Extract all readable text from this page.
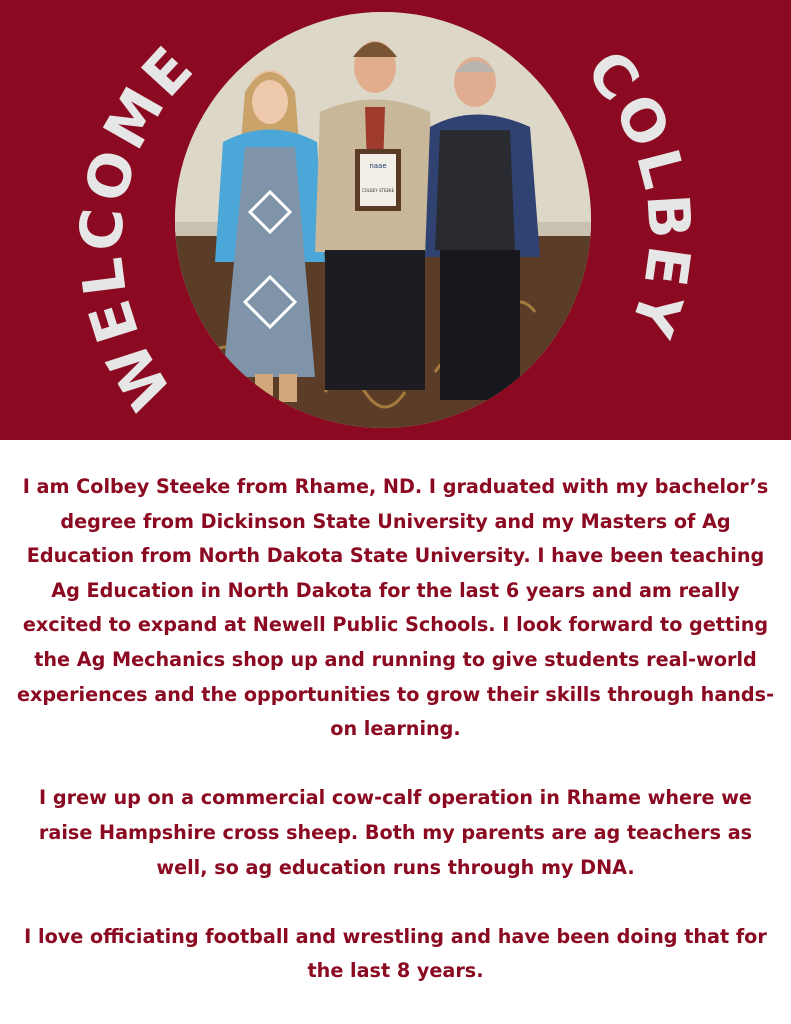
naae
COLBEY STEEKE
WELCOME	COLBEY

I am Colbey Steeke from Rhame, ND. I graduated with my bachelor’s degree from Dickinson State University and my Masters of Ag Education from North Dakota State University. I have been teaching Ag Education in North Dakota for the last 6 years and am really excited to expand at Newell Public Schools. I look forward to getting the Ag Mechanics shop up and running to give students real-world experiences and the opportunities to grow their skills through hands-on learning.

I grew up on a commercial cow-calf operation in Rhame where we raise Hampshire cross sheep. Both my parents are ag teachers as well, so ag education runs through my DNA.

I love officiating football and wrestling and have been doing that for the last 8 years.
